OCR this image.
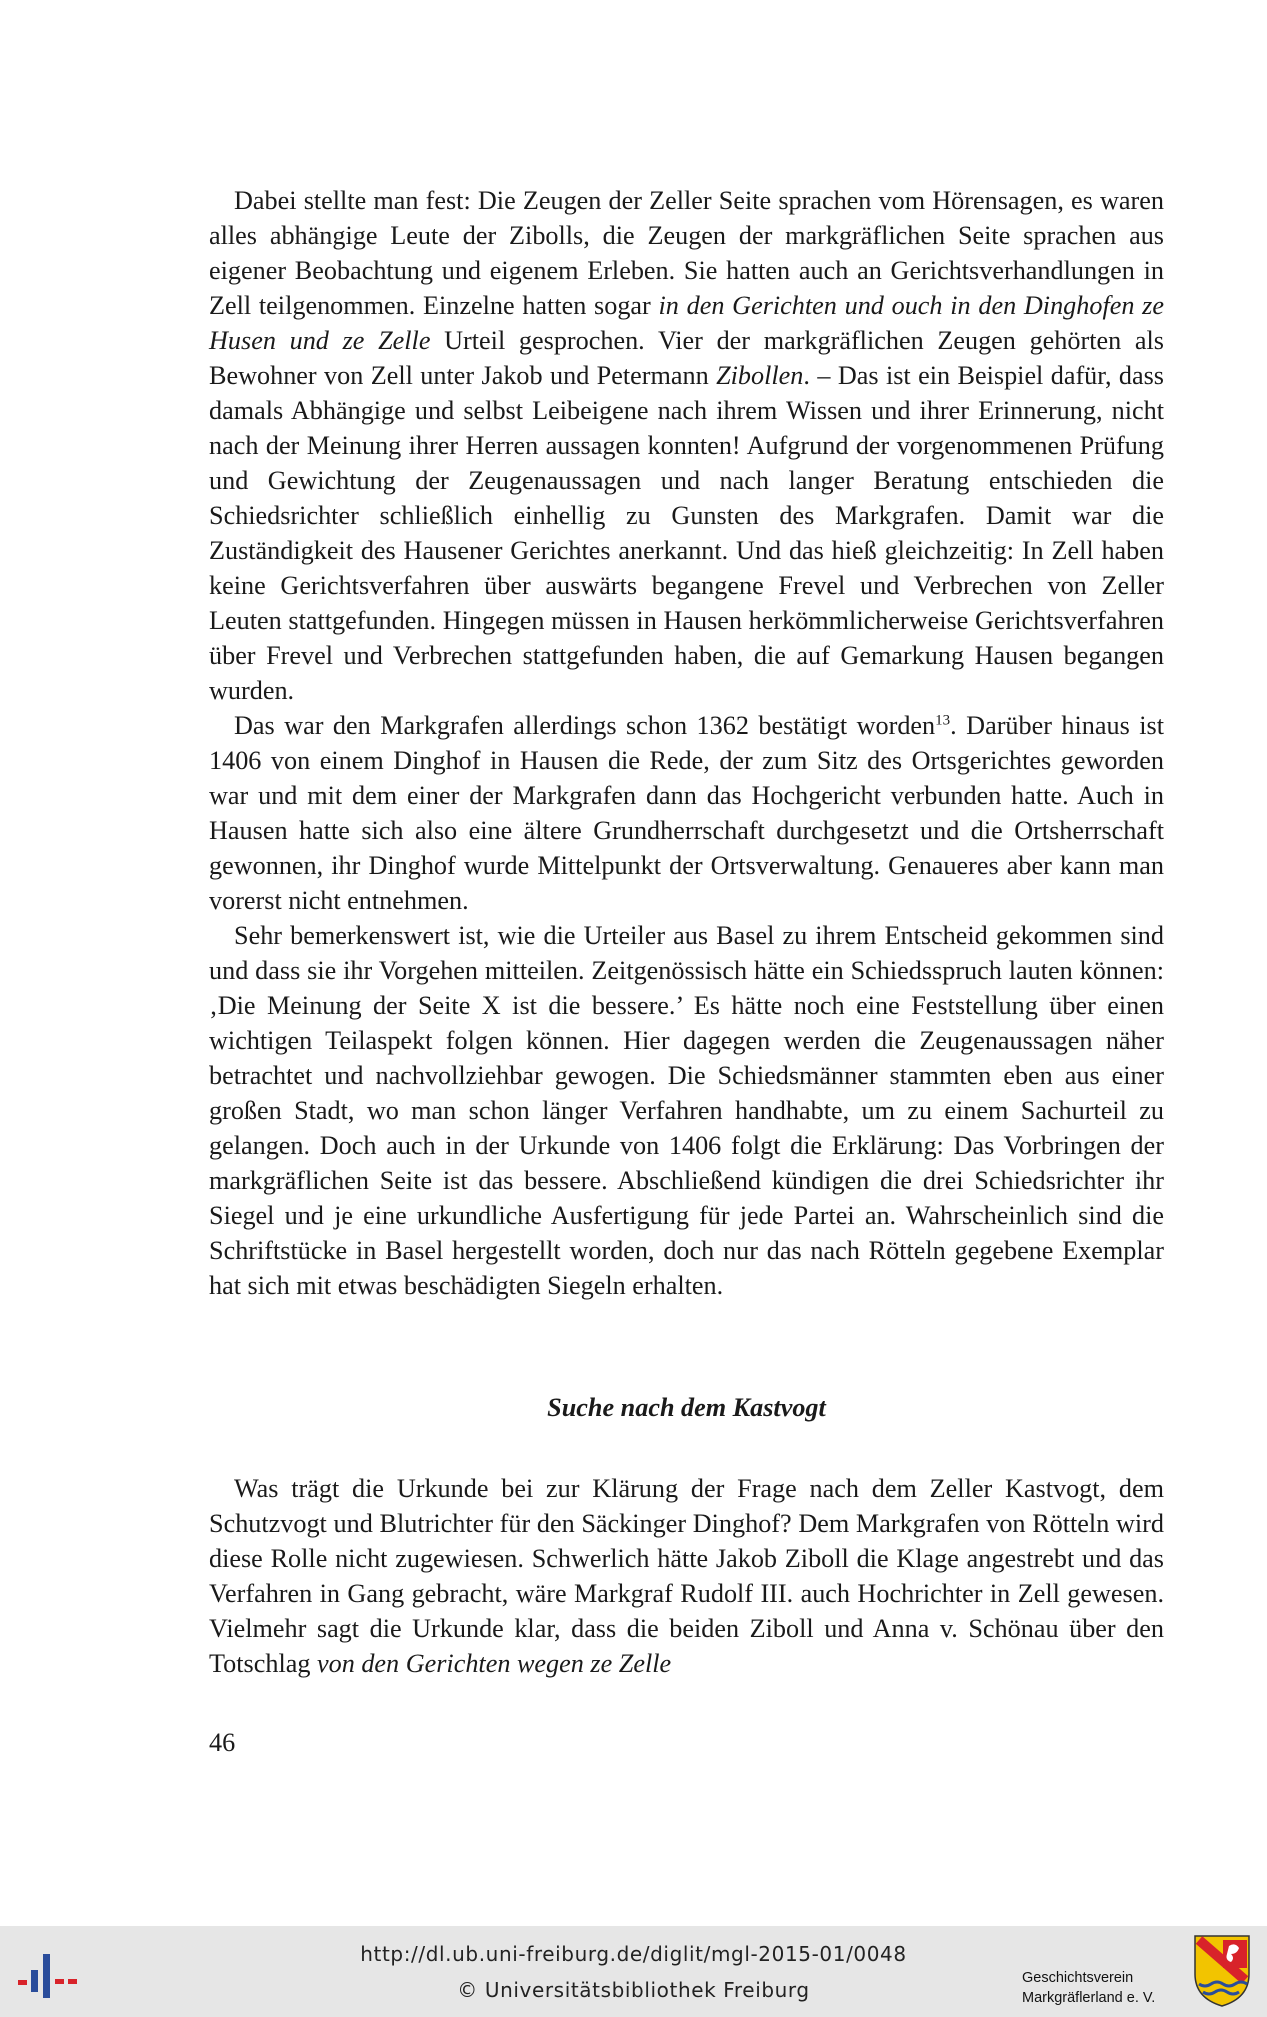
Dabei stellte man fest: Die Zeugen der Zeller Seite sprachen vom Hörensagen, es waren alles abhängige Leute der Zibolls, die Zeugen der markgräflichen Seite sprachen aus eigener Beobachtung und eigenem Erleben. Sie hatten auch an Gerichtsverhandlungen in Zell teilgenommen. Einzelne hatten sogar in den Gerichten und ouch in den Dinghofen ze Husen und ze Zelle Urteil gesprochen. Vier der markgräflichen Zeugen gehörten als Bewohner von Zell unter Jakob und Petermann Zibollen. – Das ist ein Beispiel dafür, dass damals Abhängige und selbst Leibeigene nach ihrem Wissen und ihrer Erinnerung, nicht nach der Meinung ihrer Herren aussagen konnten! Aufgrund der vorgenommenen Prüfung und Gewichtung der Zeugenaussagen und nach langer Beratung entschieden die Schiedsrichter schließlich einhellig zu Gunsten des Markgrafen. Damit war die Zuständigkeit des Hausener Gerichtes anerkannt. Und das hieß gleichzeitig: In Zell haben keine Gerichtsverfahren über auswärts begangene Frevel und Verbrechen von Zeller Leuten stattgefunden. Hingegen müssen in Hausen herkömmlicherweise Gerichtsverfahren über Frevel und Verbrechen stattgefunden haben, die auf Gemarkung Hausen begangen wurden.

Das war den Markgrafen allerdings schon 1362 bestätigt worden$^{13}$. Darüber hinaus ist 1406 von einem Dinghof in Hausen die Rede, der zum Sitz des Ortsgerichtes geworden war und mit dem einer der Markgrafen dann das Hochgericht verbunden hatte. Auch in Hausen hatte sich also eine ältere Grundherrschaft durchgesetzt und die Ortsherrschaft gewonnen, ihr Dinghof wurde Mittelpunkt der Ortsverwaltung. Genaueres aber kann man vorerst nicht entnehmen.

Sehr bemerkenswert ist, wie die Urteiler aus Basel zu ihrem Entscheid gekommen sind und dass sie ihr Vorgehen mitteilen. Zeitgenössisch hätte ein Schiedsspruch lauten können: ‚Die Meinung der Seite X ist die bessere.’ Es hätte noch eine Feststellung über einen wichtigen Teilaspekt folgen können. Hier dagegen werden die Zeugenaussagen näher betrachtet und nachvollziehbar gewogen. Die Schiedsmänner stammten eben aus einer großen Stadt, wo man schon länger Verfahren handhabte, um zu einem Sachurteil zu gelangen. Doch auch in der Urkunde von 1406 folgt die Erklärung: Das Vorbringen der markgräflichen Seite ist das bessere. Abschließend kündigen die drei Schiedsrichter ihr Siegel und je eine urkundliche Ausfertigung für jede Partei an. Wahrscheinlich sind die Schriftstücke in Basel hergestellt worden, doch nur das nach Rötteln gegebene Exemplar hat sich mit etwas beschädigten Siegeln erhalten.

Suche nach dem Kastvogt

Was trägt die Urkunde bei zur Klärung der Frage nach dem Zeller Kastvogt, dem Schutzvogt und Blutrichter für den Säckinger Dinghof? Dem Markgrafen von Rötteln wird diese Rolle nicht zugewiesen. Schwerlich hätte Jakob Ziboll die Klage angestrebt und das Verfahren in Gang gebracht, wäre Markgraf Rudolf III. auch Hochrichter in Zell gewesen. Vielmehr sagt die Urkunde klar, dass die beiden Ziboll und Anna v. Schönau über den Totschlag von den Gerichten wegen ze Zelle

46
http://dl.ub.uni-freiburg.de/diglit/mgl-2015-01/0048
© Universitätsbibliothek Freiburg	Geschichtsverein
Markgräflerland e. V.
